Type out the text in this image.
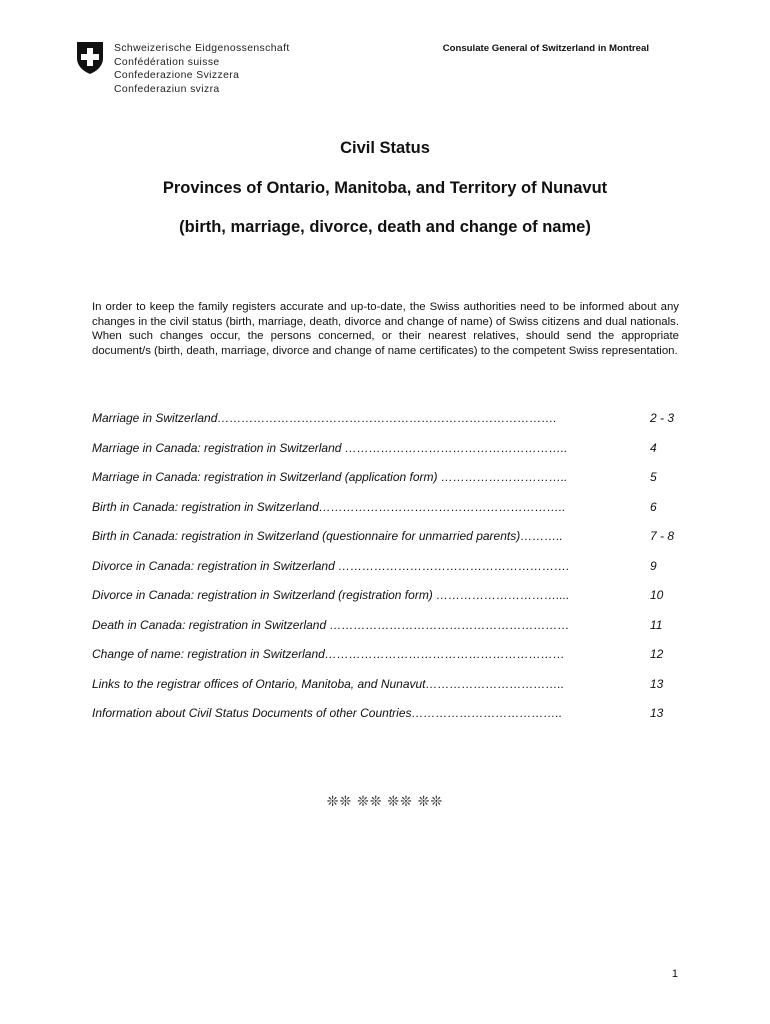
Schweizerische Eidgenossenschaft
Confédération suisse
Confederazione Svizzera
Confederaziun svizra
Consulate General of Switzerland in Montreal
Civil Status
Provinces of Ontario, Manitoba, and Territory of Nunavut
(birth, marriage, divorce, death and change of name)
In order to keep the family registers accurate and up-to-date, the Swiss authorities need to be informed about any changes in the civil status (birth, marriage, death, divorce and change of name) of Swiss citizens and dual nationals. When such changes occur, the persons concerned, or their nearest relatives, should send the appropriate document/s (birth, death, marriage, divorce and change of name certificates) to the competent Swiss representation.
Marriage in Switzerland………………………………………………………………………….	2 - 3
Marriage in Canada: registration in Switzerland ………………………………………………..	4
Marriage in Canada: registration in Switzerland (application form) …………………………..	5
Birth in Canada: registration in Switzerland……………………………………………………..	6
Birth in Canada: registration in Switzerland (questionnaire for unmarried parents)………..	7 - 8
Divorce in Canada: registration in Switzerland ………………………………………………….	9
Divorce in Canada: registration in Switzerland (registration form) …………………………....	10
Death in Canada: registration in Switzerland ……………………………………………………	11
Change of name: registration in Switzerland……………………………………………………	12
Links to the registrar offices of Ontario, Manitoba, and Nunavut……………………………..	13
Information about Civil Status Documents of other Countries………………………………..	13
❊❊ ❊❊ ❊❊ ❊❊
1
